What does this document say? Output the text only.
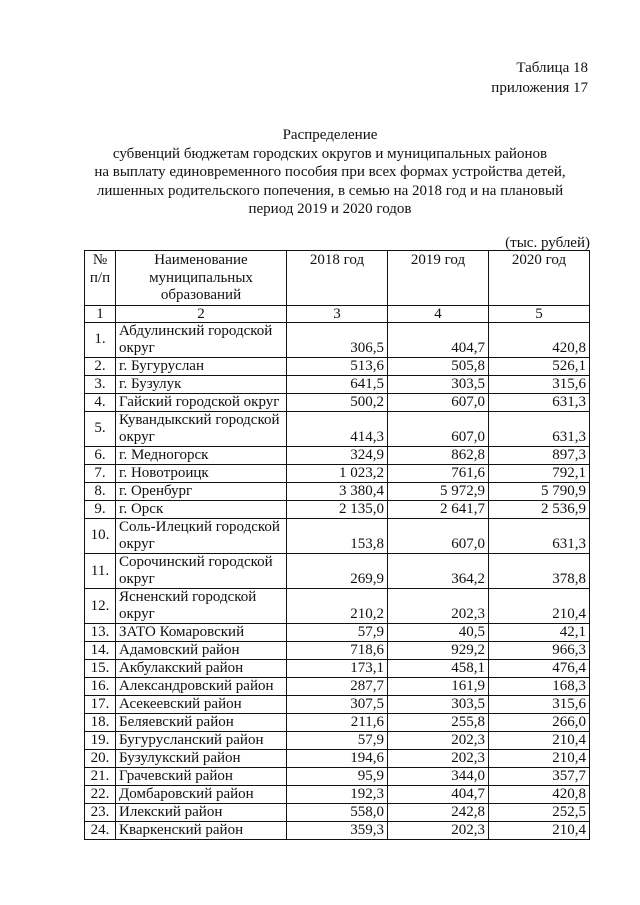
Таблица 18
приложения 17
Распределение
субвенций бюджетам городских округов и муниципальных районов
на выплату единовременного пособия при всех формах устройства детей,
лишенных родительского попечения, в семью на 2018 год и на плановый
период 2019 и 2020 годов
(тыс. рублей)
№ п/п	Наименование муниципальных образований	2018 год	2019 год	2020 год
1	2	3	4	5
1.	Абдулинский городской округ	306,5	404,7	420,8
2.	г. Бугуруслан	513,6	505,8	526,1
3.	г. Бузулук	641,5	303,5	315,6
4.	Гайский городской округ	500,2	607,0	631,3
5.	Кувандыкский городской округ	414,3	607,0	631,3
6.	г. Медногорск	324,9	862,8	897,3
7.	г. Новотроицк	1 023,2	761,6	792,1
8.	г. Оренбург	3 380,4	5 972,9	5 790,9
9.	г. Орск	2 135,0	2 641,7	2 536,9
10.	Соль-Илецкий городской округ	153,8	607,0	631,3
11.	Сорочинский городской округ	269,9	364,2	378,8
12.	Ясненский городской округ	210,2	202,3	210,4
13.	ЗАТО Комаровский	57,9	40,5	42,1
14.	Адамовский район	718,6	929,2	966,3
15.	Акбулакский район	173,1	458,1	476,4
16.	Александровский район	287,7	161,9	168,3
17.	Асекеевский район	307,5	303,5	315,6
18.	Беляевский район	211,6	255,8	266,0
19.	Бугурусланский район	57,9	202,3	210,4
20.	Бузулукский район	194,6	202,3	210,4
21.	Грачевский район	95,9	344,0	357,7
22.	Домбаровский район	192,3	404,7	420,8
23.	Илекский район	558,0	242,8	252,5
24.	Кваркенский район	359,3	202,3	210,4
